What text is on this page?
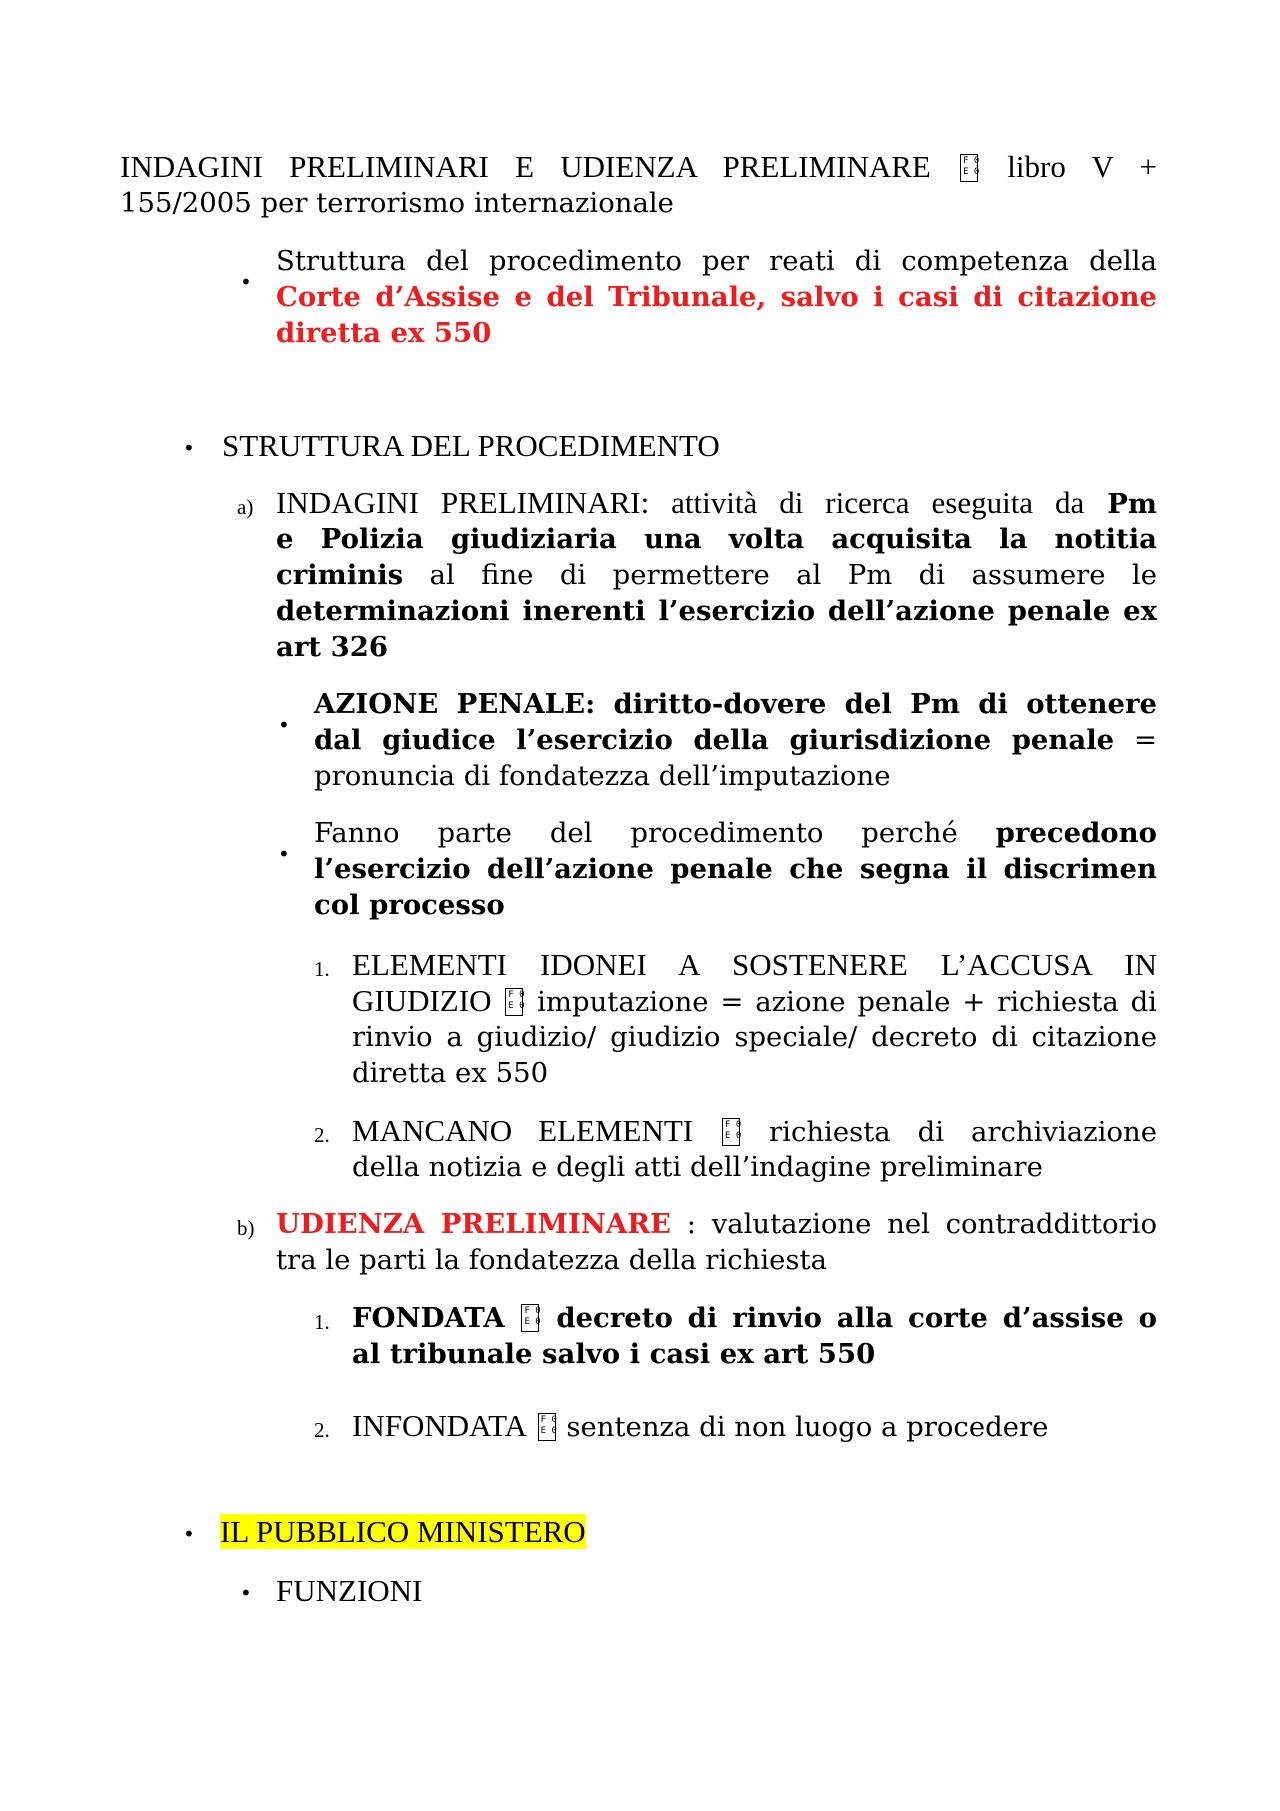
INDAGINI PRELIMINARI E UDIENZA PRELIMINARE F 0 E 0 libro V +

155/2005 per terrorismo internazionale

•

Struttura del procedimento per reati di competenza della

Corte d’Assise e del Tribunale, salvo i casi di citazione

diretta ex 550

• STRUTTURA DEL PROCEDIMENTO

a) INDAGINI PRELIMINARI: attività di ricerca eseguita da Pm

e Polizia giudiziaria una volta acquisita la notitia

criminis al fine di permettere al Pm di assumere le

determinazioni inerenti l’esercizio dell’azione penale ex

art 326

•

AZIONE PENALE: diritto-dovere del Pm di ottenere

dal giudice l’esercizio della giurisdizione penale =

pronuncia di fondatezza dell’imputazione

•

Fanno parte del procedimento perché precedono

l’esercizio dell’azione penale che segna il discrimen

col processo

1. ELEMENTI IDONEI A SOSTENERE L’ACCUSA IN

GIUDIZIO F 0 E 0 imputazione = azione penale + richiesta di

rinvio a giudizio/ giudizio speciale/ decreto di citazione

diretta ex 550

2. MANCANO ELEMENTI F 0 E 0	richiesta di archiviazione

della notizia e degli atti dell’indagine preliminare

b) UDIENZA PRELIMINARE : valutazione nel contraddittorio

tra le parti la fondatezza della richiesta

1. FONDATA F 0 E 0 decreto di rinvio alla corte d’assise o

al tribunale salvo i casi ex art 550

2. INFONDATA F 0 E 0 sentenza di non luogo a procedere

• IL PUBBLICO MINISTERO

• FUNZIONI
